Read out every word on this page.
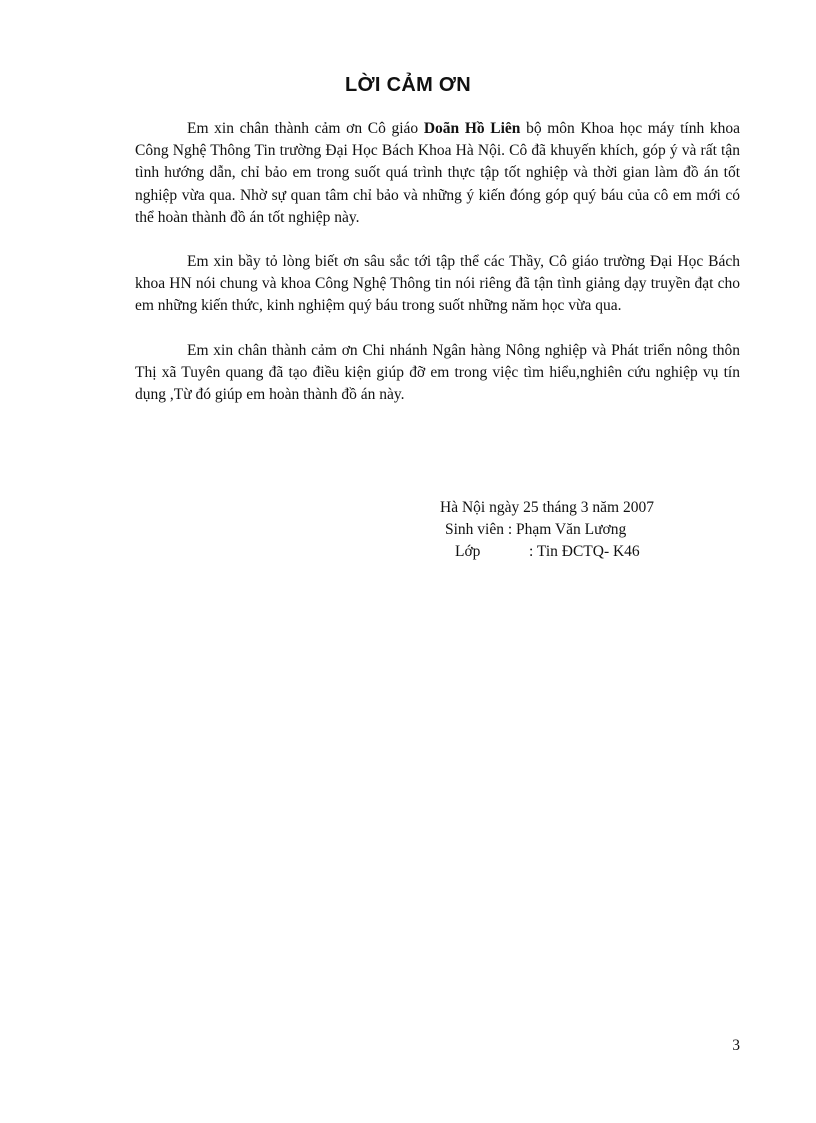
LỜI CẢM ƠN

Em xin chân thành cảm ơn Cô giáo Doãn Hồ Liên bộ môn Khoa học máy tính khoa Công Nghệ Thông Tin trường Đại Học Bách Khoa Hà Nội. Cô đã khuyến khích, góp ý và rất tận tình hướng dẫn, chỉ bảo em trong suốt quá trình thực tập tốt nghiệp và thời gian làm đồ án tốt nghiệp vừa qua. Nhờ sự quan tâm chỉ bảo và những ý kiến đóng góp quý báu của cô em mới có thể hoàn thành đồ án tốt nghiệp này.

Em xin bầy tỏ lòng biết ơn sâu sắc tới tập thể các Thầy, Cô giáo trường Đại Học Bách khoa HN nói chung và khoa Công Nghệ Thông tin nói riêng đã tận tình giảng dạy truyền đạt cho em những kiến thức, kinh nghiệm quý báu trong suốt những năm học vừa qua.

Em xin chân thành cảm ơn Chi nhánh Ngân hàng Nông nghiệp và Phát triển nông thôn Thị xã Tuyên quang đã tạo điều kiện giúp đỡ em trong việc tìm hiểu,nghiên cứu nghiệp vụ tín dụng ,Từ đó giúp em hoàn thành đồ án này.

Hà Nội ngày 25 tháng 3 năm 2007
Sinh viên : Phạm Văn Lương
Lớp	: Tin ĐCTQ- K46
3
